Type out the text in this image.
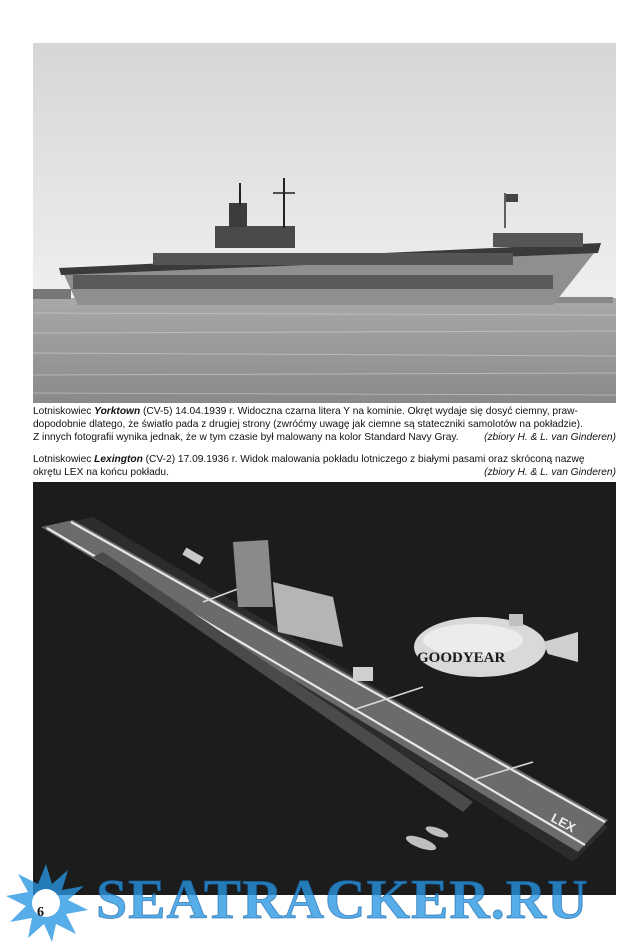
Lotniskowiec Yorktown (CV-5) 14.04.1939 r. Widoczna czarna litera Y na kominie. Okręt wydaje się dosyć ciemny, praw-
dopodobnie dlatego, że światło pada z drugiej strony (zwróćmy uwagę jak ciemne są stateczniki samolotów na pokładzie).
Z innych fotografii wynika jednak, że w tym czasie był malowany na kolor Standard Navy Gray. (zbiory H. & L. van Ginderen)
Lotniskowiec Lexington (CV-2) 17.09.1936 r. Widok malowania pokładu lotniczego z białymi pasami oraz skróconą nazwę
okrętu LEX na końcu pokładu.	(zbiory H. & L. van Ginderen)
GOODYEAR
LEX
SEATRACKER.RU
6
